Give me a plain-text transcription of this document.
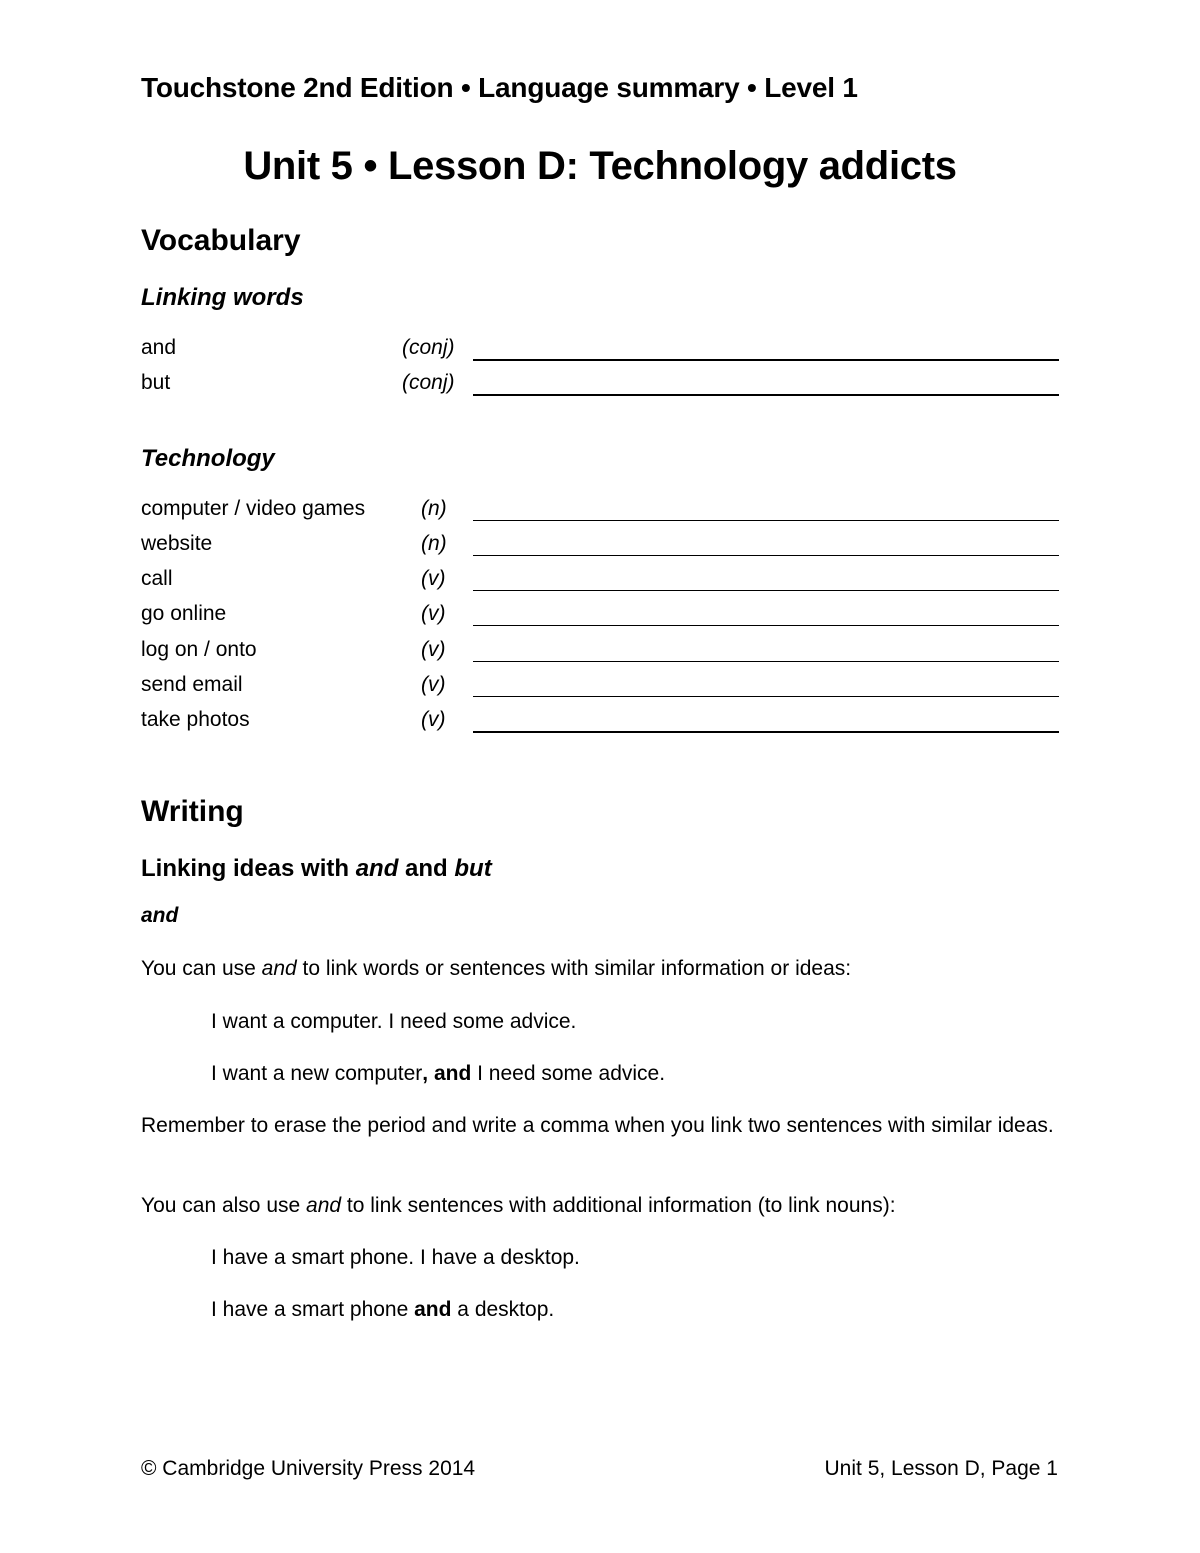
Touchstone 2nd Edition • Language summary • Level 1
Unit 5 • Lesson D: Technology addicts
Vocabulary
Linking words
and	(conj)
but	(conj)
Technology
computer / video games	(n)
website	(n)
call	(v)
go online	(v)
log on / onto	(v)
send email	(v)
take photos	(v)
Writing
Linking ideas with and and but
and
You can use and to link words or sentences with similar information or ideas:
I want a computer. I need some advice.
I want a new computer, and I need some advice.
Remember to erase the period and write a comma when you link two sentences with similar ideas.
You can also use and to link sentences with additional information (to link nouns):
I have a smart phone. I have a desktop.
I have a smart phone and a desktop.
© Cambridge University Press 2014	Unit 5, Lesson D, Page 1
